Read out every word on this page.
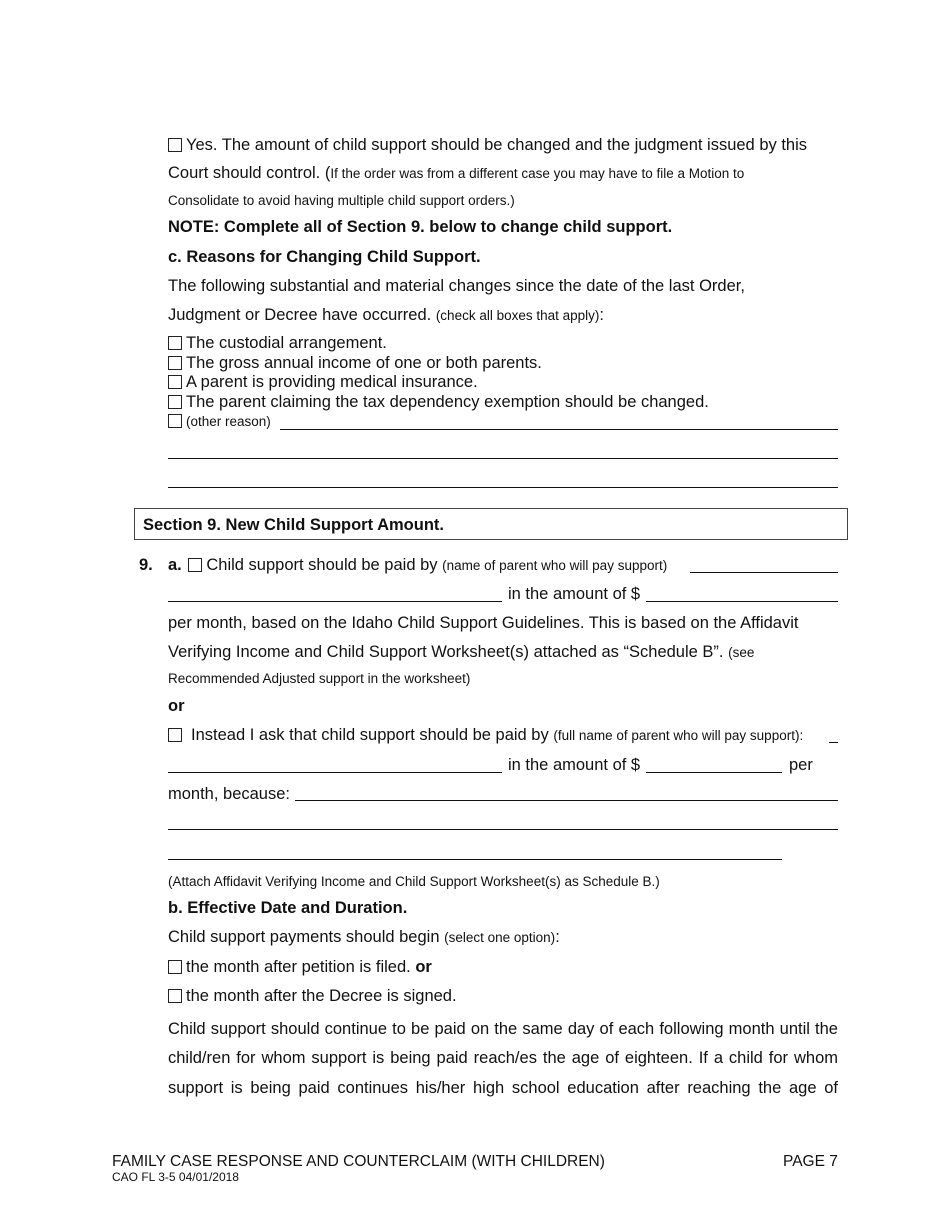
Yes. The amount of child support should be changed and the judgment issued by this
Court should control. (If the order was from a different case you may have to file a Motion to
Consolidate to avoid having multiple child support orders.)
NOTE: Complete all of Section 9. below to change child support.
c. Reasons for Changing Child Support.
The following substantial and material changes since the date of the last Order,
Judgment or Decree have occurred. (check all boxes that apply):
The custodial arrangement.
The gross annual income of one or both parents.
A parent is providing medical insurance.
The parent claiming the tax dependency exemption should be changed.
(other reason)
Section 9. New Child Support Amount.
9. a. Child support should be paid by (name of parent who will pay support)
in the amount of $
per month, based on the Idaho Child Support Guidelines. This is based on the Affidavit
Verifying Income and Child Support Worksheet(s) attached as “Schedule B”. (see
Recommended Adjusted support in the worksheet)
or
Instead I ask that child support should be paid by (full name of parent who will pay support):
in the amount of $	per
month, because:
(Attach Affidavit Verifying Income and Child Support Worksheet(s) as Schedule B.)
b. Effective Date and Duration.
Child support payments should begin (select one option):
the month after petition is filed. or
the month after the Decree is signed.
Child support should continue to be paid on the same day of each following month until the
child/ren for whom support is being paid reach/es the age of eighteen. If a child for whom
support is being paid continues his/her high school education after reaching the age of
FAMILY CASE RESPONSE AND COUNTERCLAIM (WITH CHILDREN)	PAGE 7
CAO FL 3-5 04/01/2018
